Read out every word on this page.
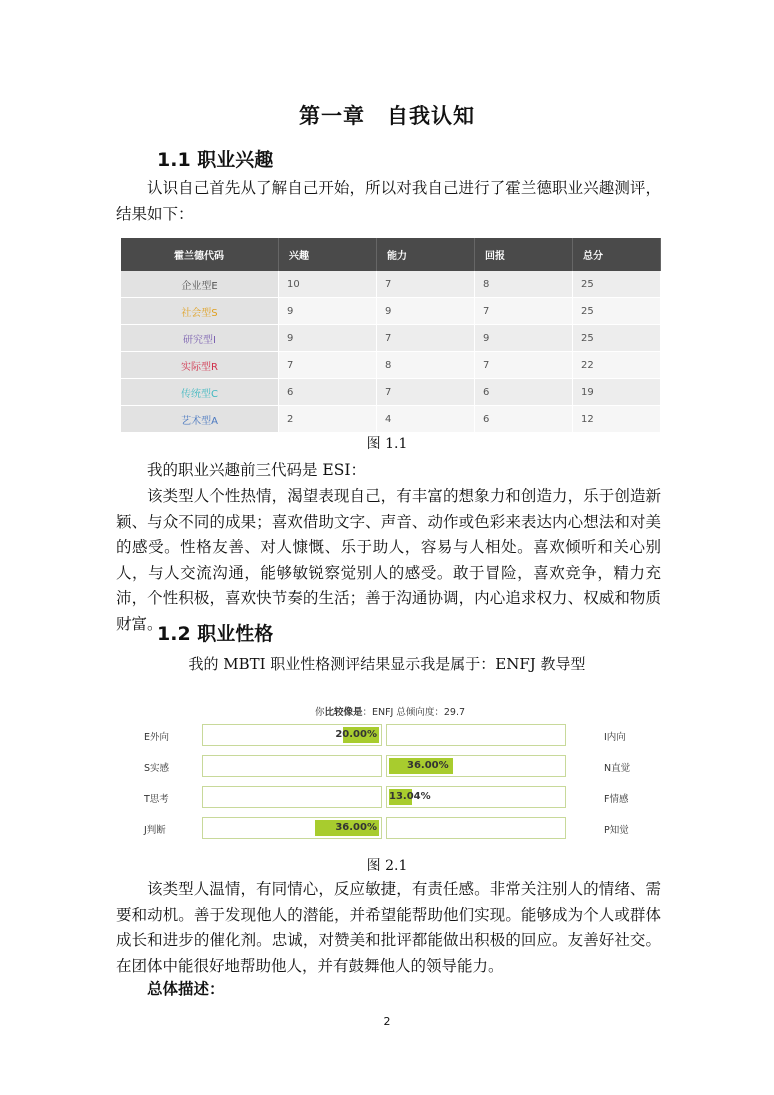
第一章　自我认知
1.1 职业兴趣

认识自己首先从了解自己开始，所以对我自己进行了霍兰德职业兴趣测评，结果如下：

霍兰德代码	兴趣	能力	回报	总分
企业型E	10	7	8	25
社会型S	9	9	7	25
研究型I	9	7	9	25
实际型R	7	8	7	22
传统型C	6	7	6	19
艺术型A	2	4	6	12
图 1.1

我的职业兴趣前三代码是 ESI：

该类型人个性热情，渴望表现自己，有丰富的想象力和创造力，乐于创造新颖、与众不同的成果；喜欢借助文字、声音、动作或色彩来表达内心想法和对美的感受。性格友善、对人慷慨、乐于助人，容易与人相处。喜欢倾听和关心别人，与人交流沟通，能够敏锐察觉别人的感受。敢于冒险，喜欢竞争，精力充沛，个性积极，喜欢快节奏的生活；善于沟通协调，内心追求权力、权威和物质财富。

1.2 职业性格
我的 MBTI 职业性格测评结果显示我是属于：ENFJ 教导型
你比较像是：ENFJ 总倾向度：29.7
E外向	20.00%	I内向
S实感	36.00%	N直觉
T思考	13.04%	F情感
J判断	36.00%	P知觉
图 2.1

该类型人温情，有同情心，反应敏捷，有责任感。非常关注别人的情绪、需要和动机。善于发现他人的潜能，并希望能帮助他们实现。能够成为个人或群体成长和进步的催化剂。忠诚，对赞美和批评都能做出积极的回应。友善好社交。在团体中能很好地帮助他人，并有鼓舞他人的领导能力。

总体描述：
2
